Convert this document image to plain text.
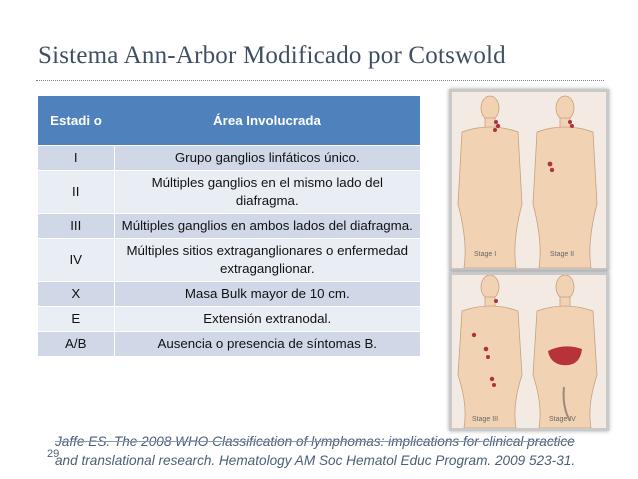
Sistema Ann-Arbor Modificado por Cotswold
Estadi o	Área Involucrada
I	Grupo ganglios linfáticos único.
II	Múltiples ganglios en el mismo lado del diafragma.
III	Múltiples ganglios en ambos lados del diafragma.
IV	Múltiples sitios extraganglionares o enfermedad extraganglionar.
X	Masa Bulk mayor de 10 cm.
E	Extensión extranodal.
A/B	Ausencia o presencia de síntomas B.
Stage I	Stage II
Stage III	Stage IV
Jaffe ES. The 2008 WHO Classification of lymphomas: implications for clinical practice
and translational research. Hematology AM Soc Hematol Educ Program. 2009 523-31.
29
